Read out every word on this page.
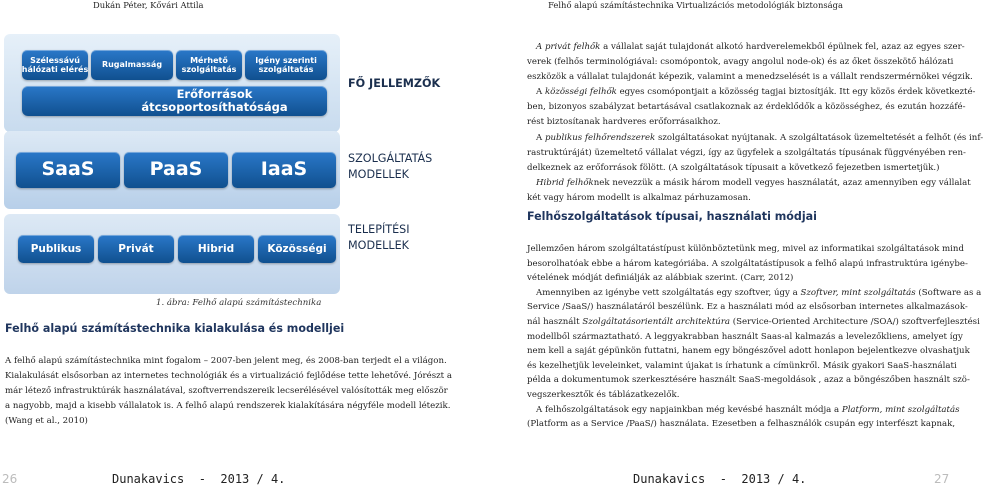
Dukán Péter, Kővári Attila	Felhő alapú számítástechnika Virtualizációs metodológiák biztonsága
Szélessávú
hálózati elérés
Rugalmasság
Mérhető
szolgáltatás
Igény szerinti
szolgáltatás
Erőforrások átcsoportosíthatósága
SaaS	PaaS	IaaS
Publikus	Privát	Hibrid	Közösségi
FŐ JELLEMZŐK
SZOLGÁLTATÁS
MODELLEK
TELEPÍTÉSI
MODELLEK
1. ábra: Felhő alapú számítástechnika
Felhő alapú számítástechnika kialakulása és modelljei

A felhő alapú számítástechnika mint fogalom – 2007-ben jelent meg, és 2008-ban terjedt el a világon.

Kialakulását elsősorban az internetes technológiák és a virtualizáció fejlődése tette lehetővé. Jórészt a

már létező infrastruktúrák használatával, szoftverrendszereik lecserélésével valósították meg először

a nagyobb, majd a kisebb vállalatok is. A felhő alapú rendszerek kialakítására négyféle modell létezik.

(Wang et al., 2010)

A privát felhők a vállalat saját tulajdonát alkotó hardverelemekből épülnek fel, azaz az egyes szer-

verek (felhős terminológiával: csomópontok, avagy angolul node-ok) és az őket összekötő hálózati

eszközök a vállalat tulajdonát képezik, valamint a menedzselését is a vállalt rendszermérnökei végzik.

A közösségi felhők egyes csomópontjait a közösség tagjai biztosítják. Itt egy közös érdek következté-

ben, bizonyos szabályzat betartásával csatlakoznak az érdeklődők a közösséghez, és ezután hozzáfé-

rést biztosítanak hardveres erőforrásaikhoz.

A publikus felhőrendszerek szolgáltatásokat nyújtanak. A szolgáltatások üzemeltetését a felhőt (és inf-

rastruktúráját) üzemeltető vállalat végzi, így az ügyfelek a szolgáltatás típusának függvényében ren-

delkeznek az erőforrások fölött. (A szolgáltatások típusait a következő fejezetben ismertetjük.)

Hibrid felhőknek nevezzük a másik három modell vegyes használatát, azaz amennyiben egy vállalat

két vagy három modellt is alkalmaz párhuzamosan.

Felhőszolgáltatások típusai, használati módjai

Jellemzően három szolgáltatástípust különböztetünk meg, mivel az informatikai szolgáltatások mind

besorolhatóak ebbe a három kategóriába. A szolgáltatástípusok a felhő alapú infrastruktúra igénybe-

vételének módját definiálják az alábbiak szerint. (Carr, 2012)

Amennyiben az igénybe vett szolgáltatás egy szoftver, úgy a Szoftver, mint szolgáltatás (Software as a

Service /SaaS/) használatáról beszélünk. Ez a használati mód az elsősorban internetes alkalmazások-

nál használt Szolgáltatásorientált architektúra (Service-Oriented Architecture /SOA/) szoftverfejlesztési

modellből származtatható. A leggyakrabban használt Saas-al kalmazás a levelezőkliens, amelyet így

nem kell a saját gépünkön futtatni, hanem egy böngészővel adott honlapon bejelentkezve olvashatjuk

és kezelhetjük leveleinket, valamint újakat is írhatunk a címünkről. Másik gyakori SaaS-használati

példa a dokumentumok szerkesztésére használt SaaS-megoldások , azaz a böngészőben használt szö-

vegszerkesztők és táblázatkezelők.

A felhőszolgáltatások egy napjainkban még kevésbé használt módja a Platform, mint szolgáltatás

(Platform as a Service /PaaS/) használata. Ezesetben a felhasználók csupán egy interfészt kapnak,

26	Dunakavics  -  2013 / 4.	Dunakavics  -  2013 / 4.	27
